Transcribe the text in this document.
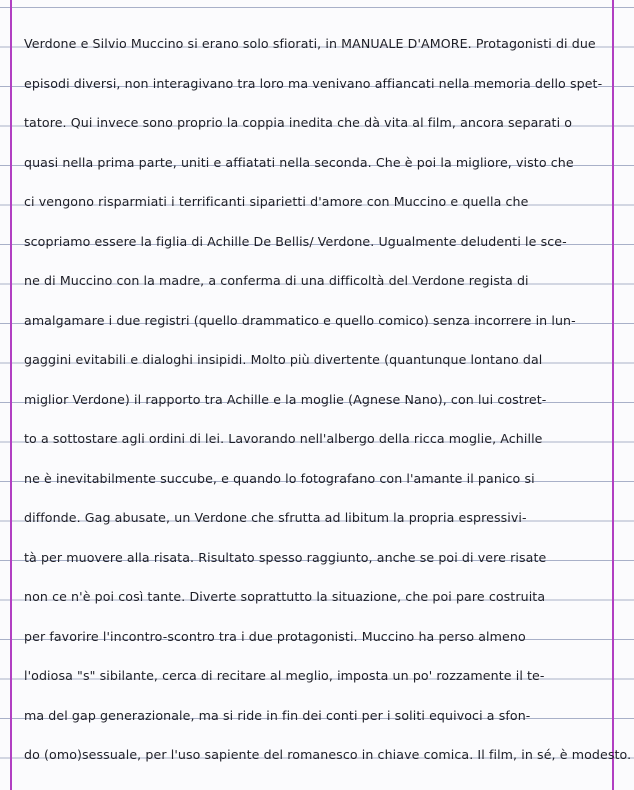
Verdone e Silvio Muccino si erano solo sfiorati, in MANUALE D'AMORE. Protagonisti di due
episodi diversi, non interagivano tra loro ma venivano affiancati nella memoria dello spet-
tatore. Qui invece sono proprio la coppia inedita che dà vita al film, ancora separati o
quasi nella prima parte, uniti e affiatati nella seconda. Che è poi la migliore, visto che
ci vengono risparmiati i terrificanti siparietti d'amore con Muccino e quella che
scopriamo essere la figlia di Achille De Bellis/ Verdone. Ugualmente deludenti le sce-
ne di Muccino con la madre, a conferma di una difficoltà del Verdone regista di
amalgamare i due registri (quello drammatico e quello comico) senza incorrere in lun-
gaggini evitabili e dialoghi insipidi. Molto più divertente (quantunque lontano dal
miglior Verdone) il rapporto tra Achille e la moglie (Agnese Nano), con lui costret-
to a sottostare agli ordini di lei. Lavorando nell'albergo della ricca moglie, Achille
ne è inevitabilmente succube, e quando lo fotografano con l'amante il panico si
diffonde. Gag abusate, un Verdone che sfrutta ad libitum la propria espressivi-
tà per muovere alla risata. Risultato spesso raggiunto, anche se poi di vere risate
non ce n'è poi così tante. Diverte soprattutto la situazione, che poi pare costruita
per favorire l'incontro-scontro tra i due protagonisti. Muccino ha perso almeno
l'odiosa "s" sibilante, cerca di recitare al meglio, imposta un po' rozzamente il te-
ma del gap generazionale, ma si ride in fin dei conti per i soliti equivoci a sfon-
do (omo)sessuale, per l'uso sapiente del romanesco in chiave comica. Il film, in sé, è modesto.
